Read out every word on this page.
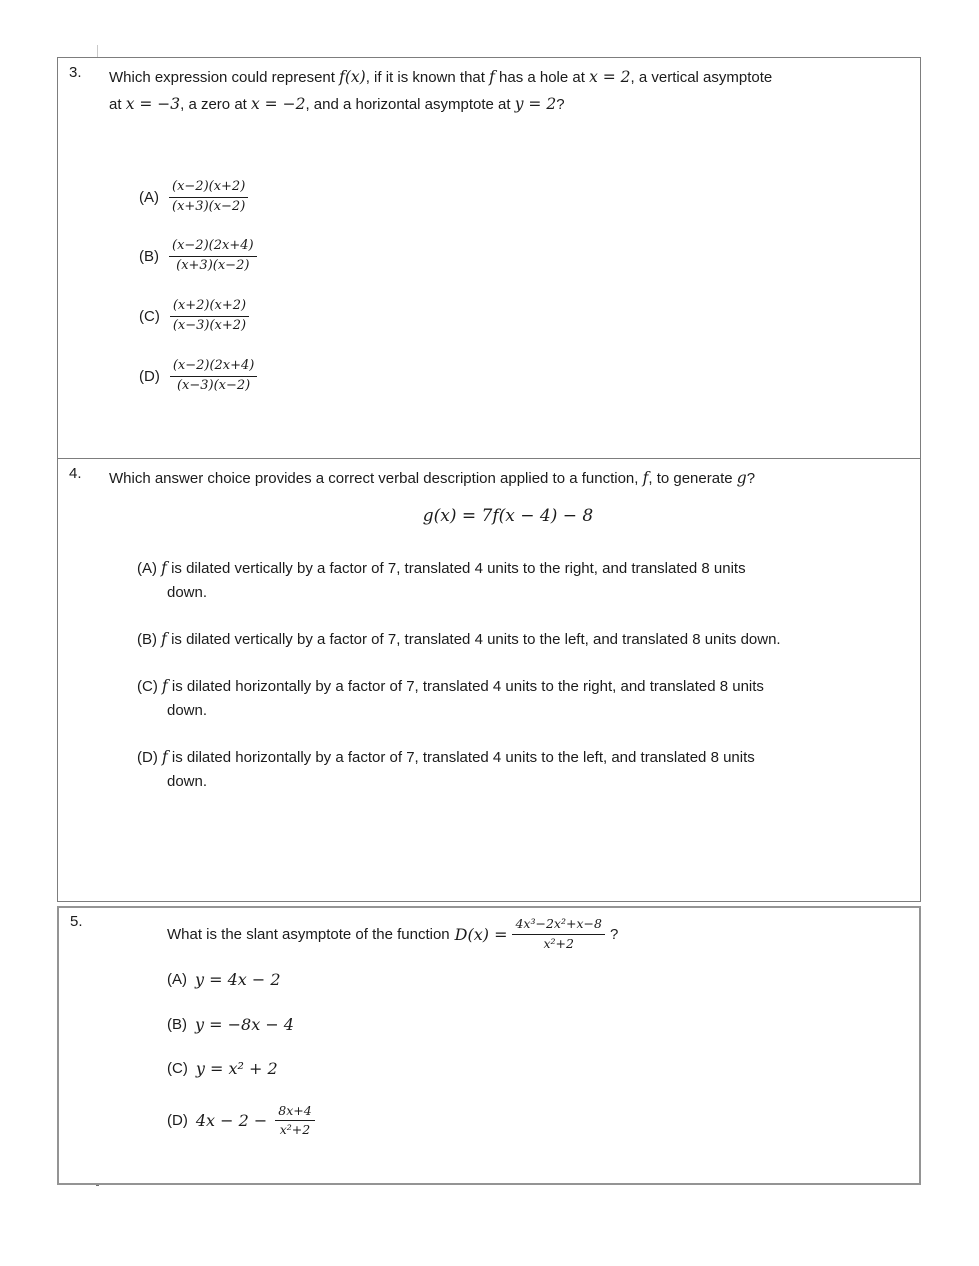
3. Which expression could represent f(x), if it is known that f has a hole at x = 2, a vertical asymptote
at x = −3, a zero at x = −2, and a horizontal asymptote at y = 2?
$(A) \frac{(x-2)(x+2)}{(x+3)(x-2)}$
$(B) \frac{(x-2)(2x+4)}{(x+3)(x-2)}$
$(C) \frac{(x+2)(x+2)}{(x-3)(x+2)}$
$(D) \frac{(x-2)(2x+4)}{(x-3)(x-2)}$
4. Which answer choice provides a correct verbal description applied to a function, f, to generate g?
g(x) = 7f(x − 4) − 8
(A) f is dilated vertically by a factor of 7, translated 4 units to the right, and translated 8 units
down.
(B) f is dilated vertically by a factor of 7, translated 4 units to the left, and translated 8 units down.
(C) f is dilated horizontally by a factor of 7, translated 4 units to the right, and translated 8 units
down.
(D) f is dilated horizontally by a factor of 7, translated 4 units to the left, and translated 8 units
down.
5.
What is the slant asymptote of the function $D(x) = \frac{\text{4x³−2x²+x−8}}{\text{x²+2}}$ ?
(A) y = 4x − 2
(B) y = −8x − 4
(C) y = x² + 2
(D) $4x - 2 - \frac{8x+4}{\text{x²+2}}$
